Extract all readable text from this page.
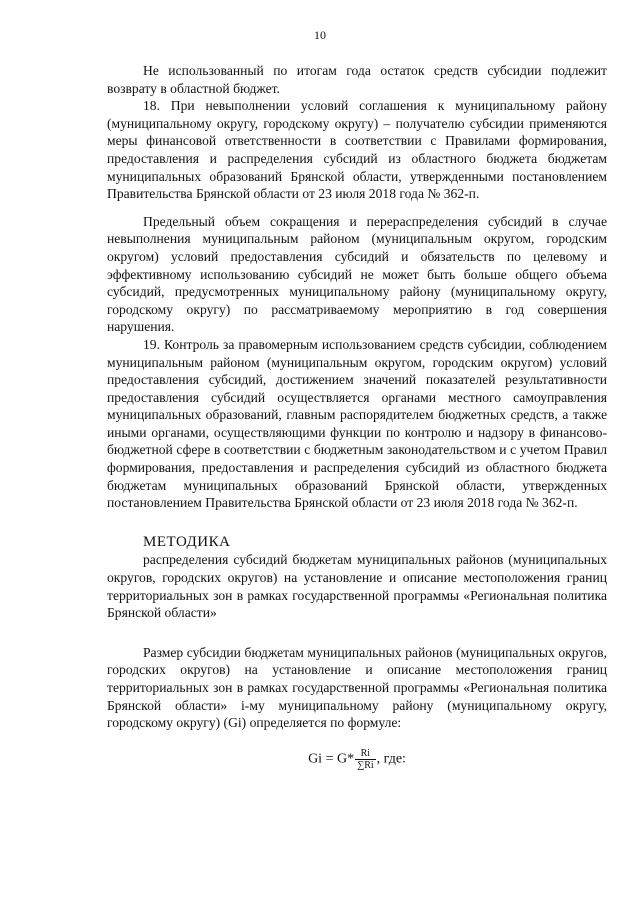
10

Не использованный по итогам года остаток средств субсидии подлежит возврату в областной бюджет.

18. При невыполнении условий соглашения к муниципальному району (муниципальному округу, городскому округу) – получателю субсидии применяются меры финансовой ответственности в соответствии с Правилами формирования, предоставления и распределения субсидий из областного бюджета бюджетам муниципальных образований Брянской области, утвержденными постановлением Правительства Брянской области от 23 июля 2018 года № 362-п.

Предельный объем сокращения и перераспределения субсидий в случае невыполнения муниципальным районом (муниципальным округом, городским округом) условий предоставления субсидий и обязательств по целевому и эффективному использованию субсидий не может быть больше общего объема субсидий, предусмотренных муниципальному району (муниципальному округу, городскому округу) по рассматриваемому мероприятию в год совершения нарушения.

19. Контроль за правомерным использованием средств субсидии, соблюдением муниципальным районом (муниципальным округом, городским округом) условий предоставления субсидий, достижением значений показателей результативности предоставления субсидий осуществляется органами местного самоуправления муниципальных образований, главным распорядителем бюджетных средств, а также иными органами, осуществляющими функции по контролю и надзору в финансово-бюджетной сфере в соответствии с бюджетным законодательством и с учетом Правил формирования, предоставления и распределения субсидий из областного бюджета бюджетам муниципальных образований Брянской области, утвержденных постановлением Правительства Брянской области от 23 июля 2018 года № 362-п.

МЕТОДИКА

распределения субсидий бюджетам муниципальных районов (муниципальных округов, городских округов) на установление и описание местоположения границ территориальных зон в рамках государственной программы «Региональная политика Брянской области»

Размер субсидии бюджетам муниципальных районов (муниципальных округов, городских округов) на установление и описание местоположения границ территориальных зон в рамках государственной программы «Региональная политика Брянской области» i-му муниципальному району (муниципальному округу, городскому округу) (Gi) определяется по формуле:

$Gi = G* \frac{Ri}{\sum Ri}$ , где:
